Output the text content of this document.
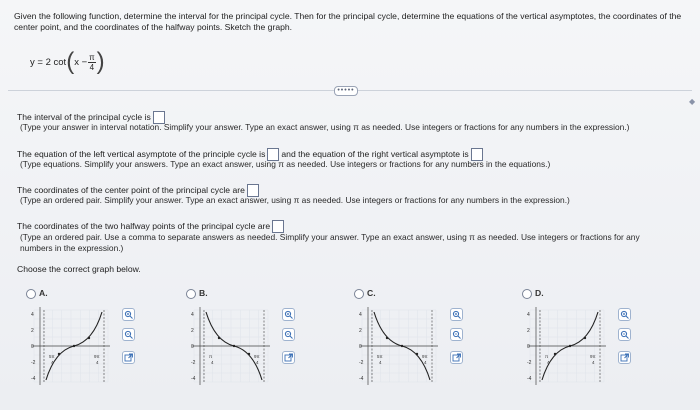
Given the following function, determine the interval for the principal cycle. Then for the principal cycle, determine the equations of the vertical asymptotes, the coordinates of the center point, and the coordinates of the halfway points. Sketch the graph.
y = 2 cot ( $x - \frac{\pi}{4}$ )
•••••
◆
The interval of the principal cycle is
(Type your answer in interval notation. Simplify your answer. Type an exact answer, using π as needed. Use integers or fractions for any numbers in the expression.)
The equation of the left vertical asymptote of the principle cycle is and the equation of the right vertical asymptote is
(Type equations. Simplify your answers. Type an exact answer, using π as needed. Use integers or fractions for any numbers in the equations.)
The coordinates of the center point of the principal cycle are
(Type an ordered pair. Simplify your answer. Type an exact answer, using π as needed. Use integers or fractions for any numbers in the expression.)
The coordinates of the two halfway points of the principal cycle are
(Type an ordered pair. Use a comma to separate answers as needed. Simplify your answer. Type an exact answer, using π as needed. Use integers or fractions for any numbers in the expression.)
Choose the correct graph below.
A.
4
2
0
-2
-4
5π
4
9π
4
B.
4
2
0
-2
-4
π
4
9π
4
C.
4
2
0
-2
-4
5π
4
9π
4
D.
4
2
0
-2
-4
π
4
9π
4
